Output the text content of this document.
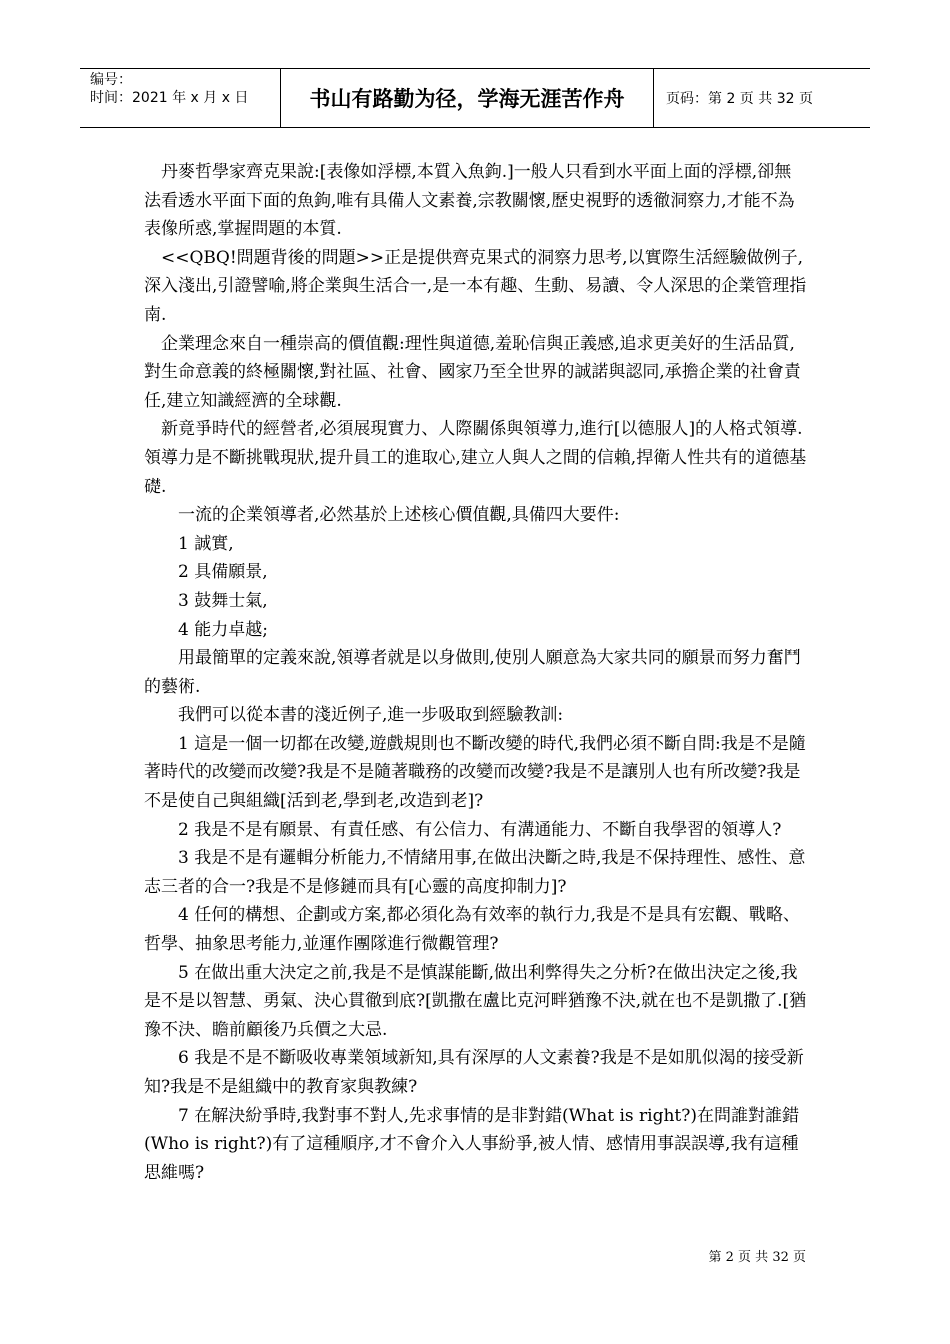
编号：
时间：2021 年 x 月 x 日	书山有路勤为径，学海无涯苦作舟	页码：第 2 页 共 32 页

　丹麥哲學家齊克果說:[表像如浮標,本質入魚鉤.]一般人只看到水平面上面的浮標,卻無法看透水平面下面的魚鉤,唯有具備人文素養,宗教關懷,歷史視野的透徹洞察力,才能不為表像所惑,掌握問題的本質.

　<<QBQ!問題背後的問題>>正是提供齊克果式的洞察力思考,以實際生活經驗做例子,深入淺出,引證譬喻,將企業與生活合一,是一本有趣、生動、易讀、令人深思的企業管理指南.

　企業理念來自一種崇高的價值觀:理性與道德,羞恥信與正義感,追求更美好的生活品質,對生命意義的終極關懷,對社區、社會、國家乃至全世界的誠諾與認同,承擔企業的社會責任,建立知識經濟的全球觀.

　新竟爭時代的經營者,必須展現實力、人際關係與領導力,進行[以德服人]的人格式領導.領導力是不斷挑戰現狀,提升員工的進取心,建立人與人之間的信賴,捍衛人性共有的道德基礎.

　　一流的企業領導者,必然基於上述核心價值觀,具備四大要件:

　　1 誠實,

　　2 具備願景,

　　3 鼓舞士氣,

　　4 能力卓越;

　　用最簡單的定義來說,領導者就是以身做則,使別人願意為大家共同的願景而努力奮鬥的藝術.

　　我們可以從本書的淺近例子,進一步吸取到經驗教訓:

　　1 這是一個一切都在改變,遊戲規則也不斷改變的時代,我們必須不斷自問:我是不是隨著時代的改變而改變?我是不是隨著職務的改變而改變?我是不是讓別人也有所改變?我是不是使自己與組織[活到老,學到老,改造到老]?

　　2 我是不是有願景、有責任感、有公信力、有溝通能力、不斷自我學習的領導人?

　　3 我是不是有邏輯分析能力,不情緒用事,在做出決斷之時,我是不保持理性、感性、意志三者的合一?我是不是修鏈而具有[心靈的高度抑制力]?

　　4 任何的構想、企劃或方案,都必須化為有效率的執行力,我是不是具有宏觀、戰略、哲學、抽象思考能力,並運作團隊進行微觀管理?

　　5 在做出重大決定之前,我是不是慎謀能斷,做出利弊得失之分析?在做出決定之後,我是不是以智慧、勇氣、決心貫徹到底?[凱撒在盧比克河畔猶豫不決,就在也不是凱撒了.[猶豫不決、瞻前顧後乃兵價之大忌.

　　6 我是不是不斷吸收專業領域新知,具有深厚的人文素養?我是不是如肌似渴的接受新知?我是不是組織中的教育家與教練?

　　7 在解決紛爭時,我對事不對人,先求事情的是非對錯(What is right?)在問誰對誰錯(Who is right?)有了這種順序,才不會介入人事紛爭,被人情、感情用事誤誤導,我有這種思維嗎?

第 2 页 共 32 页
